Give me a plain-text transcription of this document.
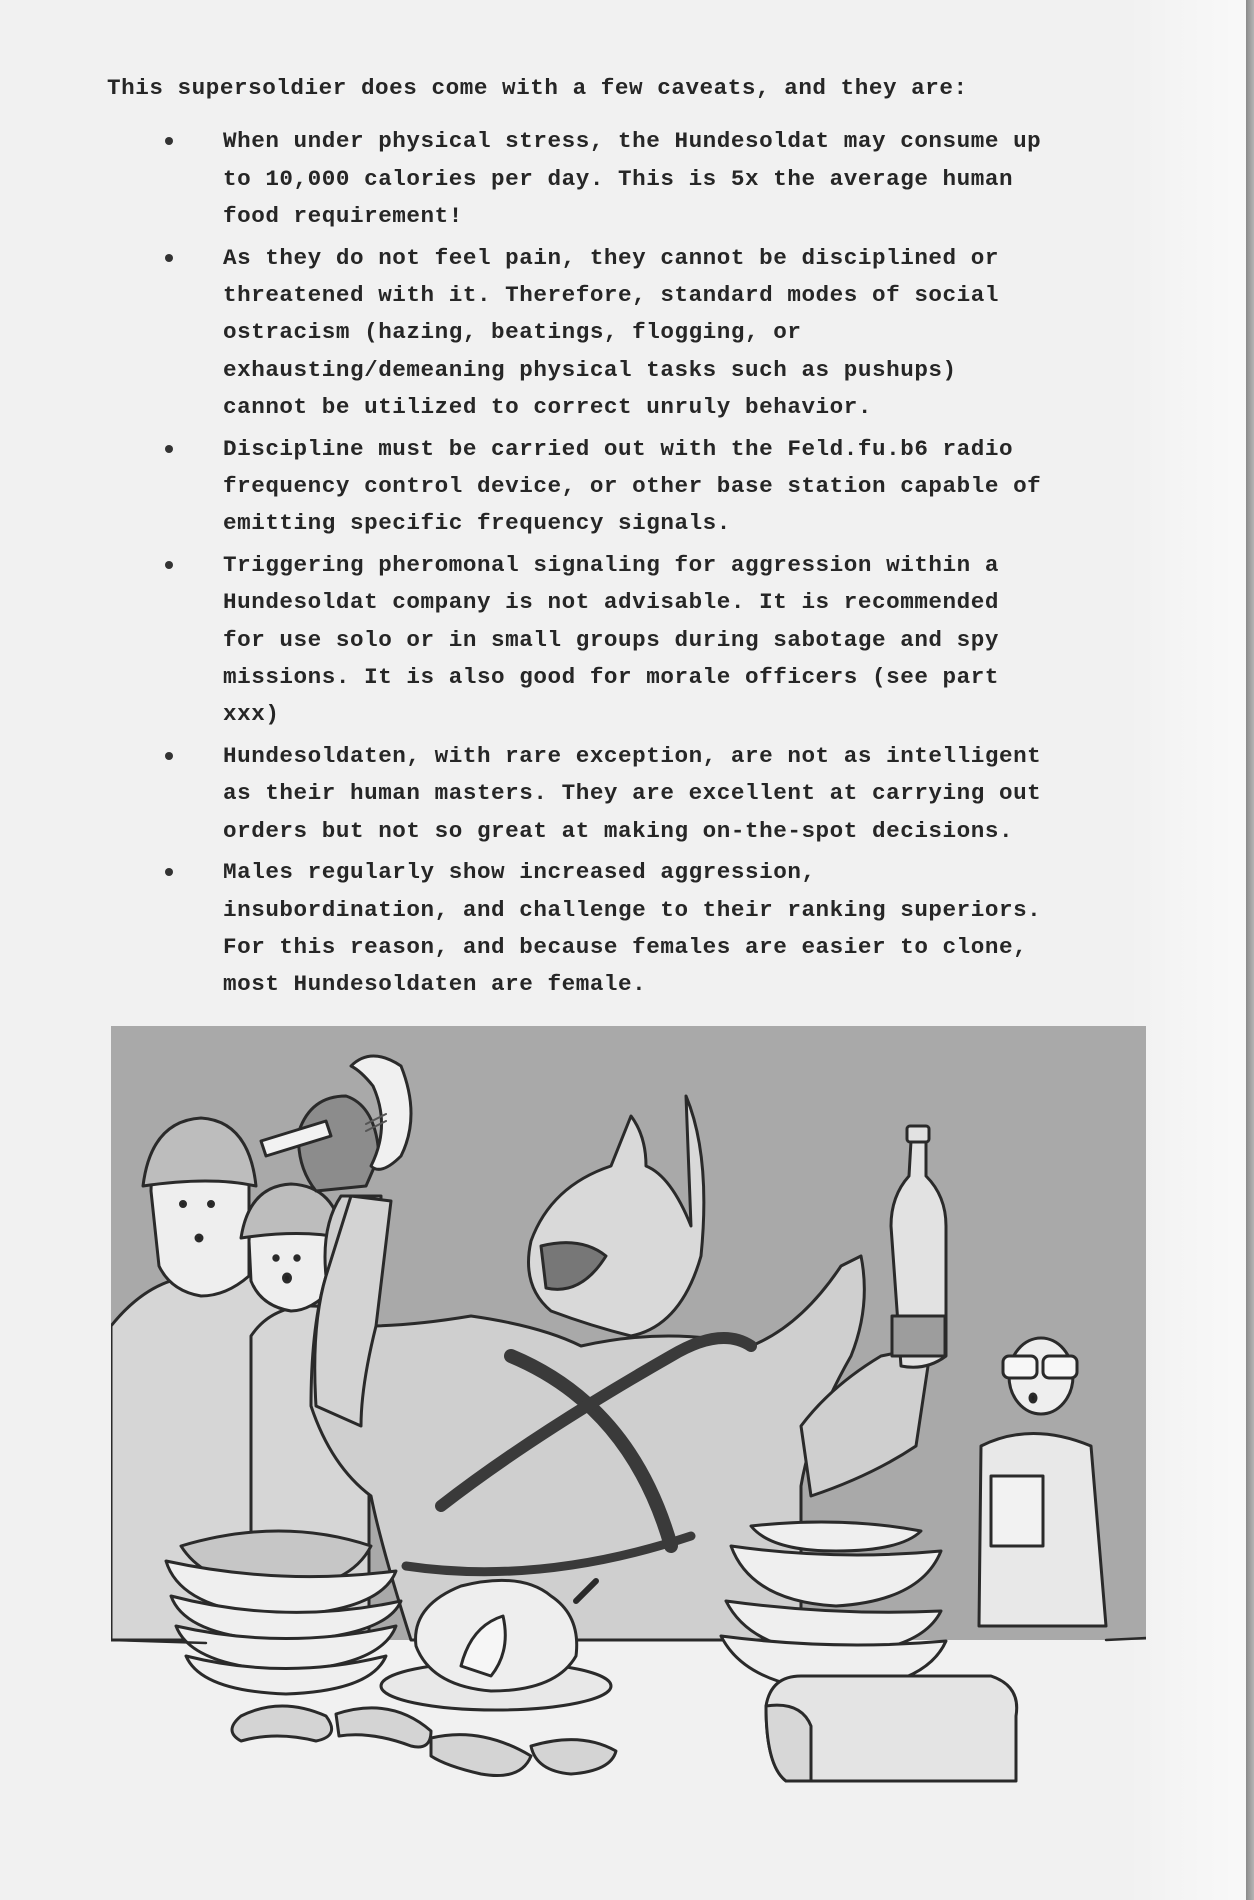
This supersoldier does come with a few caveats, and they are:

When under physical stress, the Hundesoldat may consume up
to 10,000 calories per day. This is 5x the average human
food requirement!
As they do not feel pain, they cannot be disciplined or
threatened with it. Therefore, standard modes of social
ostracism (hazing, beatings, flogging, or
exhausting/demeaning physical tasks such as pushups)
cannot be utilized to correct unruly behavior.
Discipline must be carried out with the Feld.fu.b6 radio
frequency control device, or other base station capable of
emitting specific frequency signals.
Triggering pheromonal signaling for aggression within a
Hundesoldat company is not advisable. It is recommended
for use solo or in small groups during sabotage and spy
missions. It is also good for morale officers (see part
xxx)
Hundesoldaten, with rare exception, are not as intelligent
as their human masters. They are excellent at carrying out
orders but not so great at making on-the-spot decisions.
Males regularly show increased aggression,
insubordination, and challenge to their ranking superiors.
For this reason, and because females are easier to clone,
most Hundesoldaten are female.
